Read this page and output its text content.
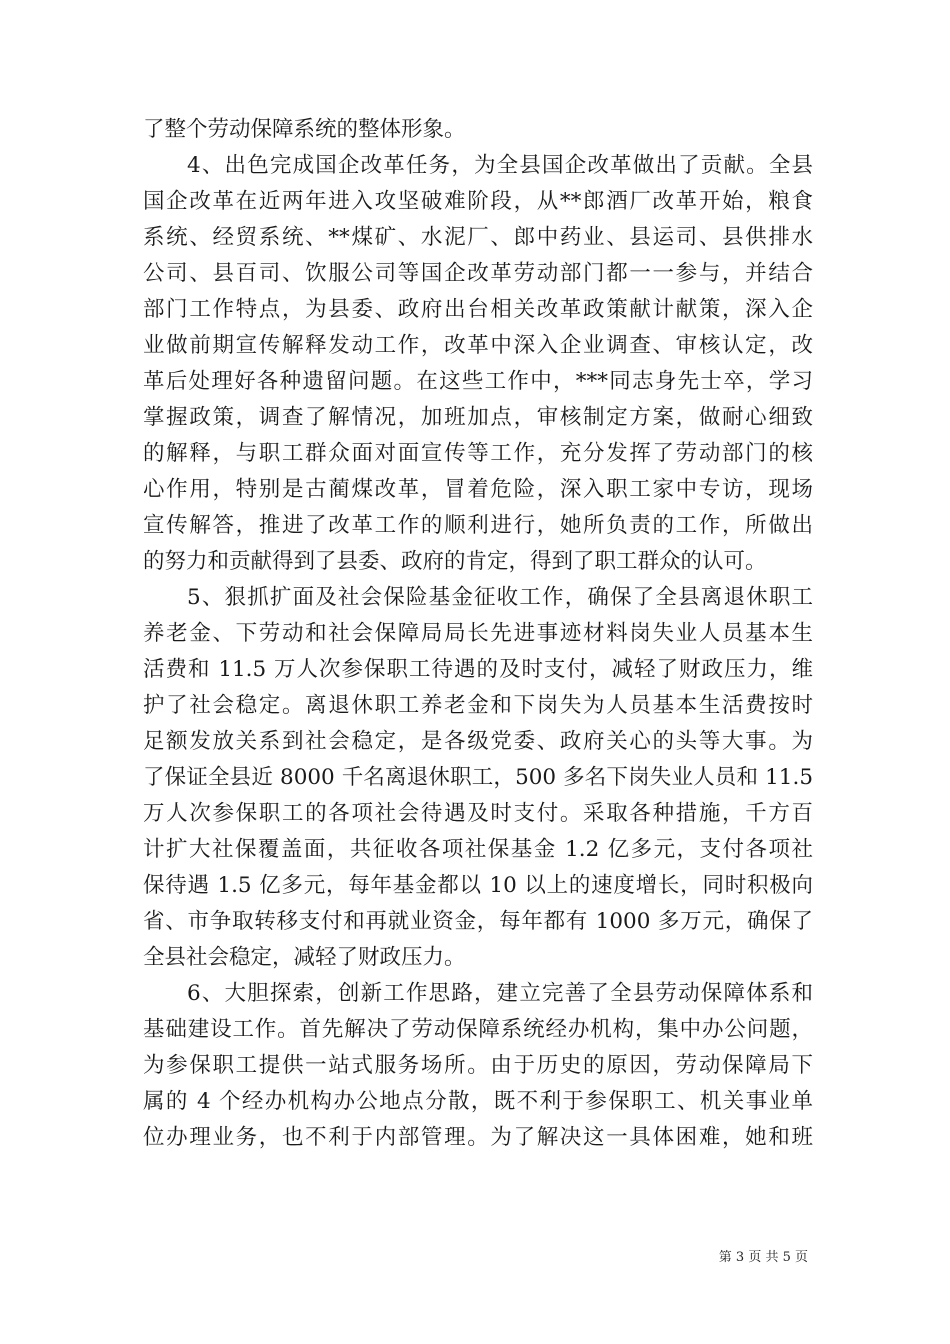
了整个劳动保障系统的整体形象。
4、出色完成国企改革任务，为全县国企改革做出了贡献。全县
国企改革在近两年进入攻坚破难阶段，从**郎酒厂改革开始，粮食
系统、经贸系统、**煤矿、水泥厂、郎中药业、县运司、县供排水
公司、县百司、饮服公司等国企改革劳动部门都一一参与，并结合
部门工作特点，为县委、政府出台相关改革政策献计献策，深入企
业做前期宣传解释发动工作，改革中深入企业调查、审核认定，改
革后处理好各种遗留问题。在这些工作中，***同志身先士卒，学习
掌握政策，调查了解情况，加班加点，审核制定方案，做耐心细致
的解释，与职工群众面对面宣传等工作，充分发挥了劳动部门的核
心作用，特别是古蔺煤改革，冒着危险，深入职工家中专访，现场
宣传解答，推进了改革工作的顺利进行，她所负责的工作，所做出
的努力和贡献得到了县委、政府的肯定，得到了职工群众的认可。
5、狠抓扩面及社会保险基金征收工作，确保了全县离退休职工
养老金、下劳动和社会保障局局长先进事迹材料岗失业人员基本生
活费和 11.5 万人次参保职工待遇的及时支付，减轻了财政压力，维
护了社会稳定。离退休职工养老金和下岗失为人员基本生活费按时
足额发放关系到社会稳定，是各级党委、政府关心的头等大事。为
了保证全县近 8000 千名离退休职工，500 多名下岗失业人员和 11.5
万人次参保职工的各项社会待遇及时支付。采取各种措施，千方百
计扩大社保覆盖面，共征收各项社保基金 1.2 亿多元，支付各项社
保待遇 1.5 亿多元，每年基金都以 10 以上的速度增长，同时积极向
省、市争取转移支付和再就业资金，每年都有 1000 多万元，确保了
全县社会稳定，减轻了财政压力。
6、大胆探索，创新工作思路，建立完善了全县劳动保障体系和
基础建设工作。首先解决了劳动保障系统经办机构，集中办公问题，
为参保职工提供一站式服务场所。由于历史的原因，劳动保障局下
属的 4 个经办机构办公地点分散，既不利于参保职工、机关事业单
位办理业务，也不利于内部管理。为了解决这一具体困难，她和班
第 3 页 共 5 页
